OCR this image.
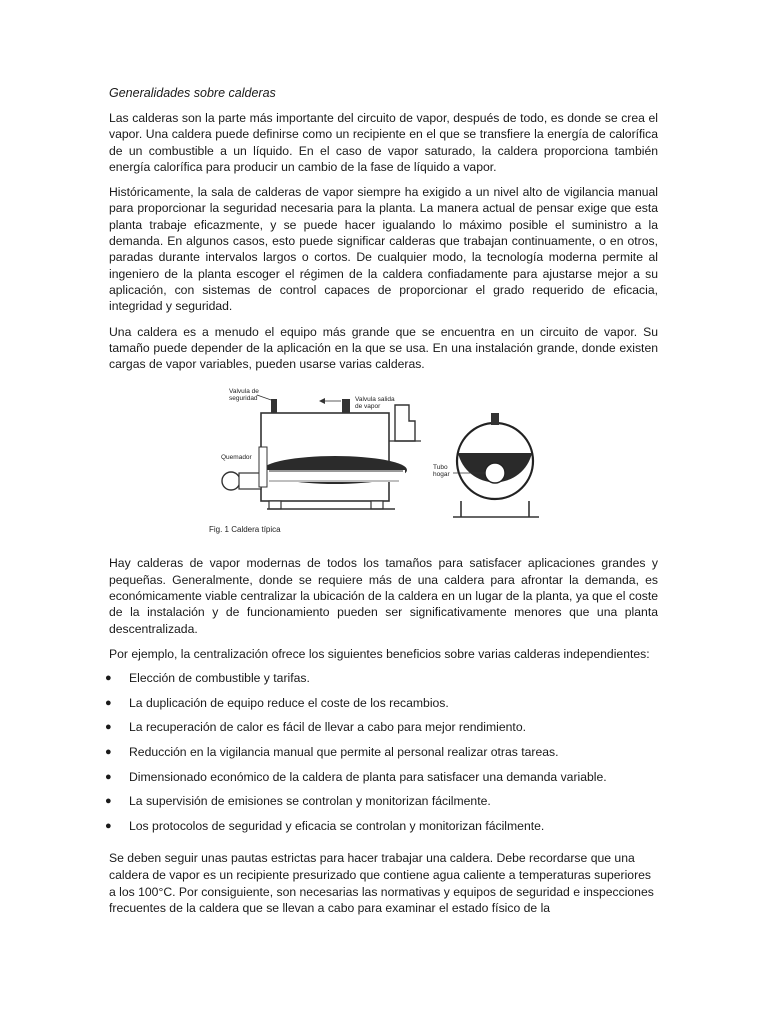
Generalidades sobre calderas

Las calderas son la parte más importante del circuito de vapor, después de todo, es donde se crea el vapor. Una caldera puede definirse como un recipiente en el que se transfiere la energía de calorífica de un combustible a un líquido. En el caso de vapor saturado, la caldera proporciona también energía calorífica para producir un cambio de la fase de líquido a vapor.

Históricamente, la sala de calderas de vapor siempre ha exigido a un nivel alto de vigilancia manual para proporcionar la seguridad necesaria para la planta. La manera actual de pensar exige que esta planta trabaje eficazmente, y se puede hacer igualando lo máximo posible el suministro a la demanda. En algunos casos, esto puede significar calderas que trabajan continuamente, o en otros, paradas durante intervalos largos o cortos. De cualquier modo, la tecnología moderna permite al ingeniero de la planta escoger el régimen de la caldera confiadamente para ajustarse mejor a su aplicación, con sistemas de control capaces de proporcionar el grado requerido de eficacia, integridad y seguridad.

Una caldera es a menudo el equipo más grande que se encuentra en un circuito de vapor. Su tamaño puede depender de la aplicación en la que se usa. En una instalación grande, donde existen cargas de vapor variables, pueden usarse varias calderas.

Valvula de
seguridad	Valvula salida
de vapor
Quemador
Tubo
hogar
Fig. 1 Caldera típica

Hay calderas de vapor modernas de todos los tamaños para satisfacer aplicaciones grandes y pequeñas. Generalmente, donde se requiere más de una caldera para afrontar la demanda, es económicamente viable centralizar la ubicación de la caldera en un lugar de la planta, ya que el coste de la instalación y de funcionamiento pueden ser significativamente menores que una planta descentralizada.

Por ejemplo, la centralización ofrece los siguientes beneficios sobre varias calderas independientes:

● Elección de combustible y tarifas.
● La duplicación de equipo reduce el coste de los recambios.
● La recuperación de calor es fácil de llevar a cabo para mejor rendimiento.
● Reducción en la vigilancia manual que permite al personal realizar otras tareas.
● Dimensionado económico de la caldera de planta para satisfacer una demanda variable.
● La supervisión de emisiones se controlan y monitorizan fácilmente.
● Los protocolos de seguridad y eficacia se controlan y monitorizan fácilmente.

Se deben seguir unas pautas estrictas para hacer trabajar una caldera. Debe recordarse que una caldera de vapor es un recipiente presurizado que contiene agua caliente a temperaturas superiores a los 100°C. Por consiguiente, son necesarias las normativas y equipos de seguridad e inspecciones frecuentes de la caldera que se llevan a cabo para examinar el estado físico de la
